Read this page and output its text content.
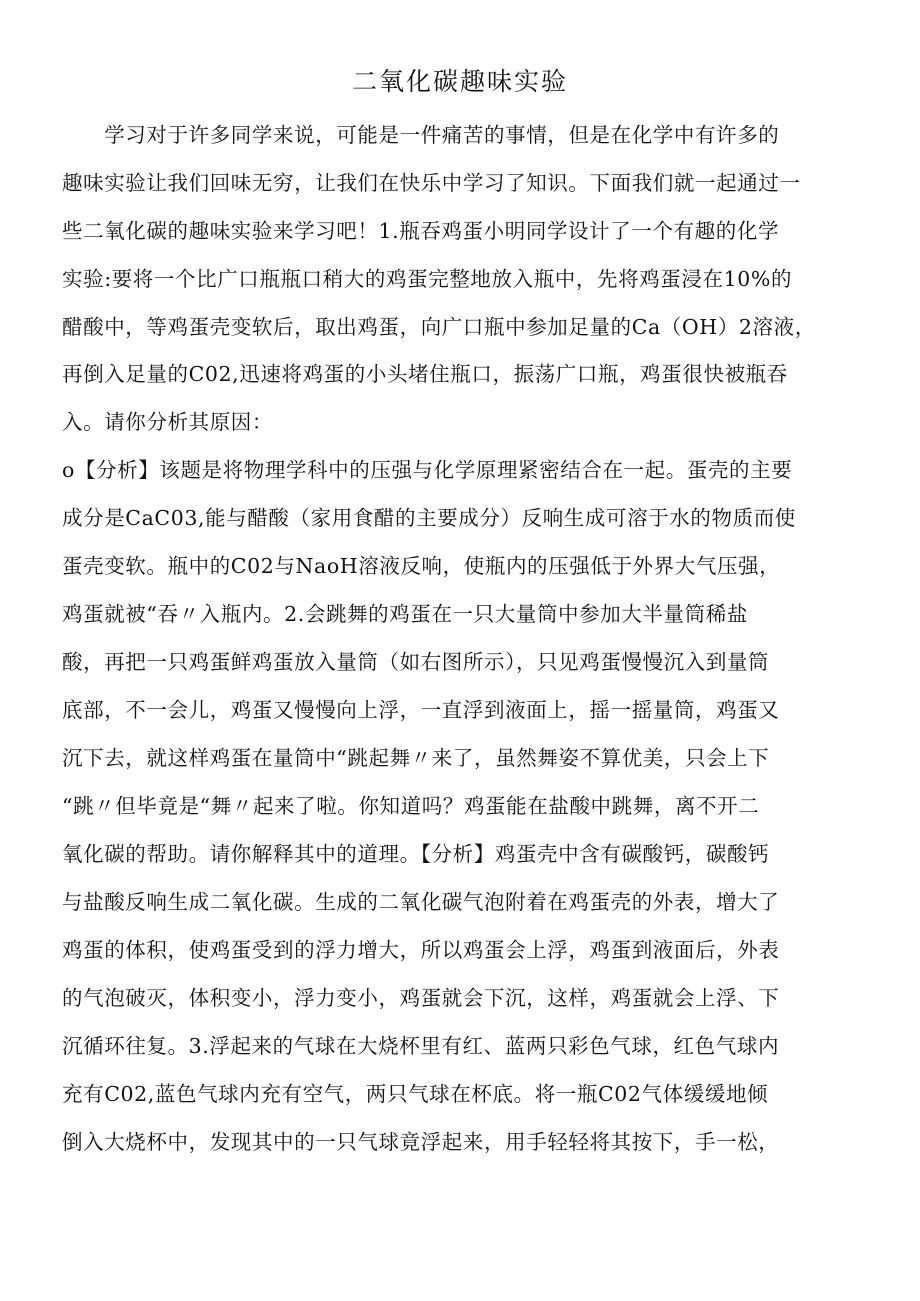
二氧化碳趣味实验
　　学习对于许多同学来说，可能是一件痛苦的事情，但是在化学中有许多的
趣味实验让我们回味无穷，让我们在快乐中学习了知识。下面我们就一起通过一
些二氧化碳的趣味实验来学习吧！1.瓶吞鸡蛋小明同学设计了一个有趣的化学
实验:要将一个比广口瓶瓶口稍大的鸡蛋完整地放入瓶中，先将鸡蛋浸在10%的
醋酸中，等鸡蛋壳变软后，取出鸡蛋，向广口瓶中参加足量的Ca（OH）2溶液，
再倒入足量的C02,迅速将鸡蛋的小头堵住瓶口，振荡广口瓶，鸡蛋很快被瓶吞
入。请你分析其原因：
o【分析】该题是将物理学科中的压强与化学原理紧密结合在一起。蛋壳的主要
成分是CaC03,能与醋酸（家用食醋的主要成分）反响生成可溶于水的物质而使
蛋壳变软。瓶中的C02与NaoH溶液反响，使瓶内的压强低于外界大气压强，
鸡蛋就被“吞〃入瓶内。2.会跳舞的鸡蛋在一只大量筒中参加大半量筒稀盐
酸，再把一只鸡蛋鲜鸡蛋放入量筒（如右图所示），只见鸡蛋慢慢沉入到量筒
底部，不一会儿，鸡蛋又慢慢向上浮，一直浮到液面上，摇一摇量筒，鸡蛋又
沉下去，就这样鸡蛋在量筒中“跳起舞〃来了，虽然舞姿不算优美，只会上下
“跳〃但毕竟是“舞〃起来了啦。你知道吗？鸡蛋能在盐酸中跳舞，离不开二
氧化碳的帮助。请你解释其中的道理。【分析】鸡蛋壳中含有碳酸钙，碳酸钙
与盐酸反响生成二氧化碳。生成的二氧化碳气泡附着在鸡蛋壳的外表，增大了
鸡蛋的体积，使鸡蛋受到的浮力增大，所以鸡蛋会上浮，鸡蛋到液面后，外表
的气泡破灭，体积变小，浮力变小，鸡蛋就会下沉，这样，鸡蛋就会上浮、下
沉循环往复。3.浮起来的气球在大烧杯里有红、蓝两只彩色气球，红色气球内
充有C02,蓝色气球内充有空气，两只气球在杯底。将一瓶C02气体缓缓地倾
倒入大烧杯中，发现其中的一只气球竟浮起来，用手轻轻将其按下，手一松，
